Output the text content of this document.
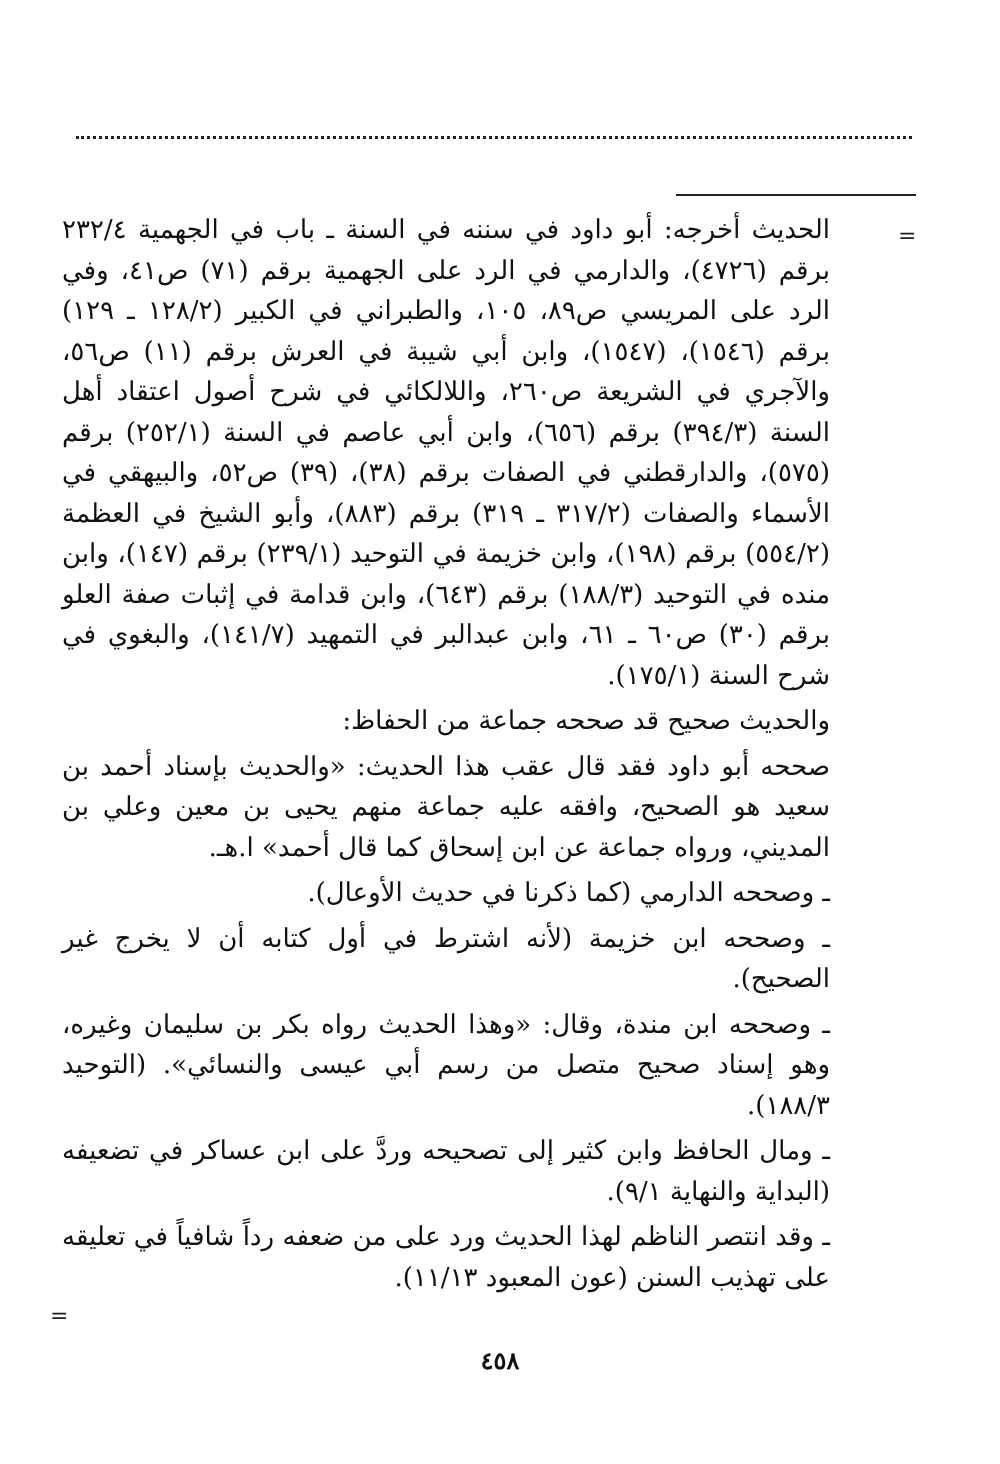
=

الحديث أخرجه: أبو داود في سننه في السنة ـ باب في الجهمية ٢٣٢/٤ برقم (٤٧٢٦)، والدارمي في الرد على الجهمية برقم (٧١) ص٤١، وفي الرد على المريسي ص٨٩، ١٠٥، والطبراني في الكبير (١٢٨/٢ ـ ١٢٩) برقم (١٥٤٦)، (١٥٤٧)، وابن أبي شيبة في العرش برقم (١١) ص٥٦، والآجري في الشريعة ص٢٦٠، واللالكائي في شرح أصول اعتقاد أهل السنة (٣٩٤/٣) برقم (٦٥٦)، وابن أبي عاصم في السنة (٢٥٢/١) برقم (٥٧٥)، والدارقطني في الصفات برقم (٣٨)، (٣٩) ص٥٢، والبيهقي في الأسماء والصفات (٣١٧/٢ ـ ٣١٩) برقم (٨٨٣)، وأبو الشيخ في العظمة (٥٥٤/٢) برقم (١٩٨)، وابن خزيمة في التوحيد (٢٣٩/١) برقم (١٤٧)، وابن منده في التوحيد (١٨٨/٣) برقم (٦٤٣)، وابن قدامة في إثبات صفة العلو برقم (٣٠) ص٦٠ ـ ٦١، وابن عبدالبر في التمهيد (١٤١/٧)، والبغوي في شرح السنة (١٧٥/١).

والحديث صحيح قد صححه جماعة من الحفاظ:

صححه أبو داود فقد قال عقب هذا الحديث: «والحديث بإسناد أحمد بن سعيد هو الصحيح، وافقه عليه جماعة منهم يحيى بن معين وعلي بن المديني، ورواه جماعة عن ابن إسحاق كما قال أحمد» ا.هـ.

ـ وصححه الدارمي (كما ذكرنا في حديث الأوعال).

ـ وصححه ابن خزيمة (لأنه اشترط في أول كتابه أن لا يخرج غير الصحيح).

ـ وصححه ابن مندة، وقال: «وهذا الحديث رواه بكر بن سليمان وغيره، وهو إسناد صحيح متصل من رسم أبي عيسى والنسائي». (التوحيد ١٨٨/٣).

ـ ومال الحافظ وابن كثير إلى تصحيحه وردَّ على ابن عساكر في تضعيفه (البداية والنهاية ٩/١).

ـ وقد انتصر الناظم لهذا الحديث ورد على من ضعفه رداً شافياً في تعليقه على تهذيب السنن (عون المعبود ١١/١٣).

=
٤٥٨
